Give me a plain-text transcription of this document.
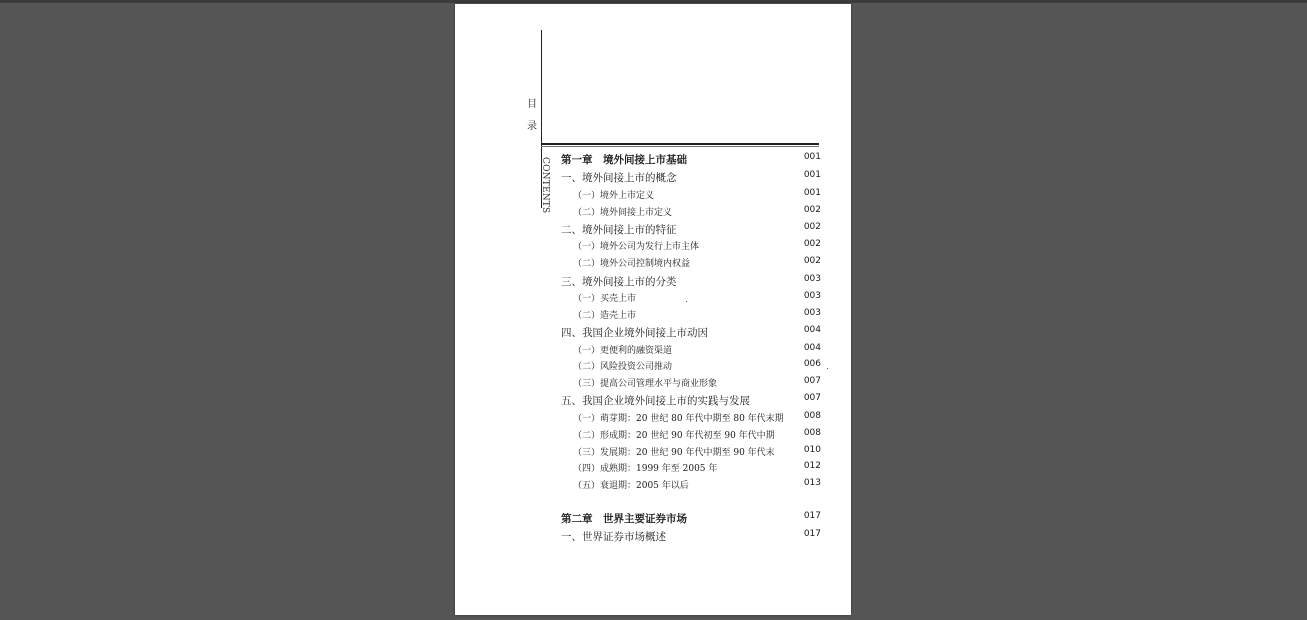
目
录
CONTENTS 第一章　境外间接上市基础	001
一、境外间接上市的概念	001
（一）境外上市定义	001
（二）境外间接上市定义	002
二、境外间接上市的特征	002
（一）境外公司为发行上市主体	002
（二）境外公司控制境内权益	002
三、境外间接上市的分类	003
（一）买壳上市	003
（二）造壳上市	003
四、我国企业境外间接上市动因	004
（一）更便利的融资渠道	004
（二）风险投资公司推动	006
（三）提高公司管理水平与商业形象	007
五、我国企业境外间接上市的实践与发展	007
（一）萌芽期：20 世纪 80 年代中期至 80 年代末期 008
（二）形成期：20 世纪 90 年代初至 90 年代中期	008
（三）发展期：20 世纪 90 年代中期至 90 年代末	010
（四）成熟期：1999 年至 2005 年	012
（五）衰退期：2005 年以后	013
第二章　世界主要证券市场	017
一、世界证券市场概述	017
